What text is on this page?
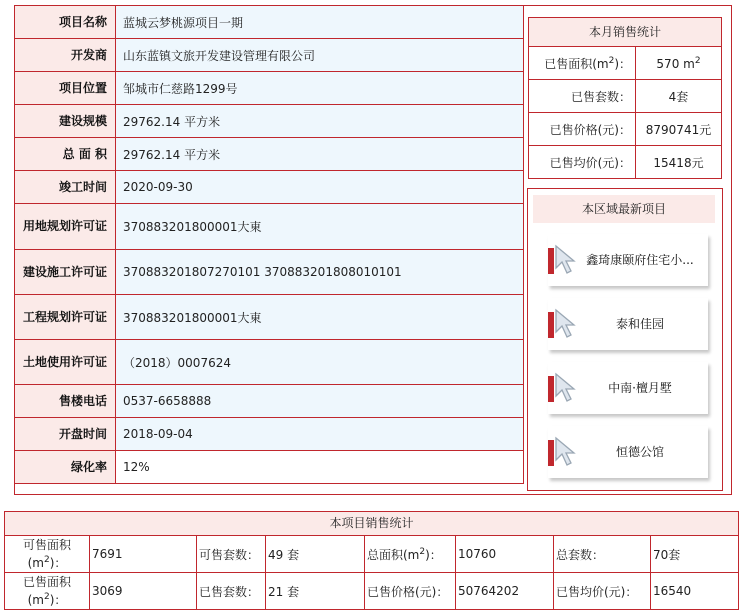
项目名称	蓝城云梦桃源项目一期
开发商	山东蓝镇文旅开发建设管理有限公司
项目位置	邹城市仁慈路1299号
建设规模	29762.14 平方米
总 面 积	29762.14 平方米
竣工时间	2020-09-30
用地规划许可证	370883201800001大東
建设施工许可证	370883201807270101 370883201808010101
工程规划许可证	370883201800001大東
土地使用许可证	（2018）0007624
售楼电话	0537-6658888
开盘时间	2018-09-04
绿化率	12%
本月销售统计
已售面积$(m^2)$：	570 $m^2$
已售套数：	4套
已售价格(元)：	8790741元
已售均价(元)：	15418元
本区域最新项目
鑫琦康颐府住宅小...
泰和佳园
中南·檀月墅
恒德公馆
本项目销售统计
可售面积$(m^2)$：	7691	可售套数：	49 套	总面积$(m^2)$：	10760	总套数：	70套
已售面积$(m^2)$：	3069	已售套数：	21 套	已售价格(元)：	50764202	已售均价(元)：	16540
